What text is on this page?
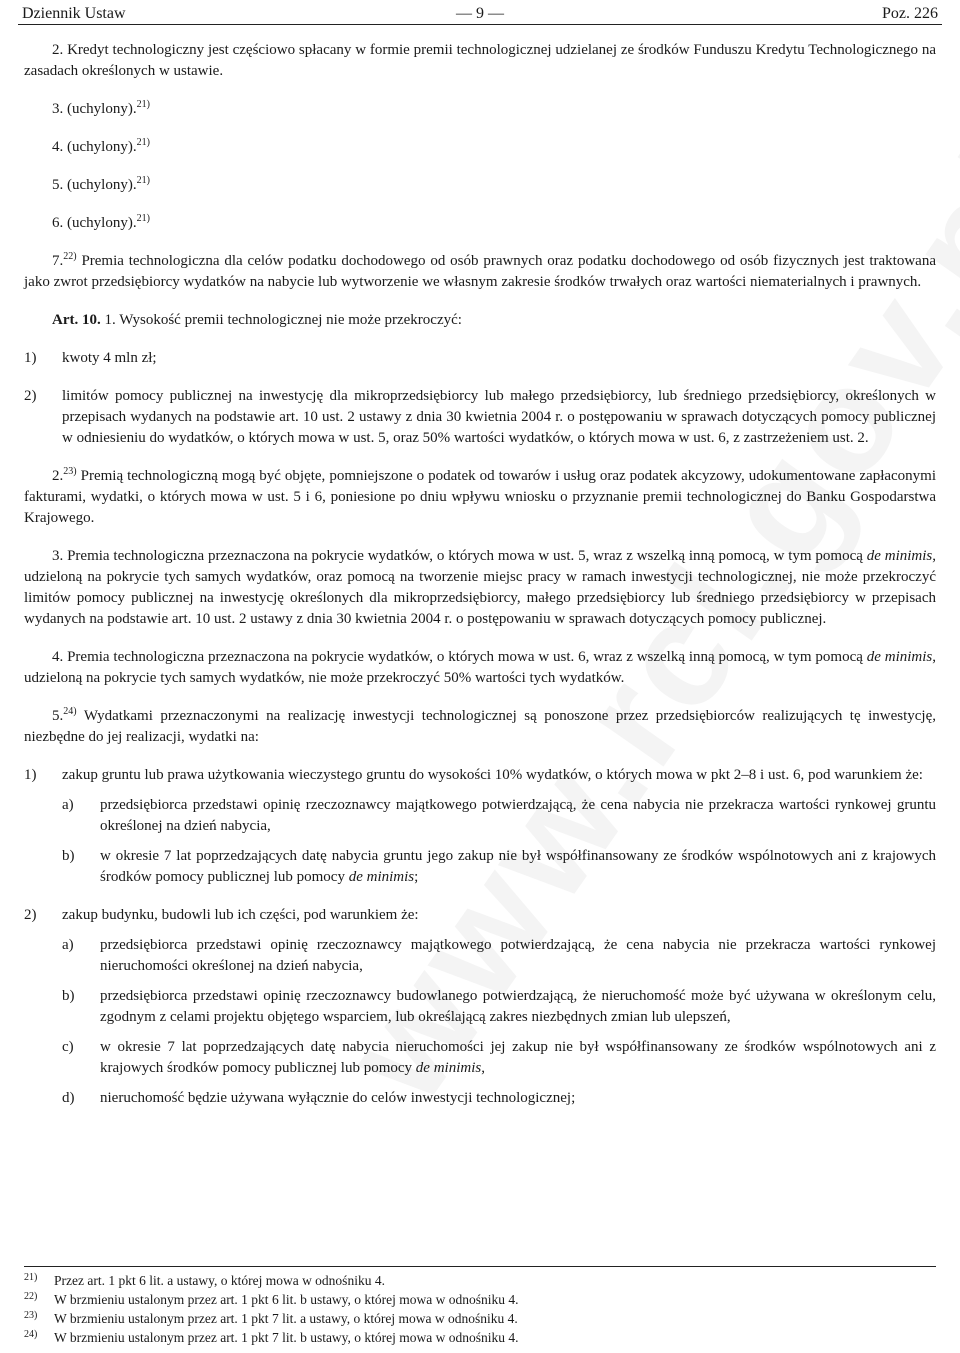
Dziennik Ustaw	— 9 —	Poz. 226

2. Kredyt technologiczny jest częściowo spłacany w formie premii technologicznej udzielanej ze środków Funduszu Kredytu Technologicznego na zasadach określonych w ustawie.

3. (uchylony).$^{21)}$

4. (uchylony).$^{21)}$

5. (uchylony).$^{21)}$

6. (uchylony).$^{21)}$

7.$^{22)}$ Premia technologiczna dla celów podatku dochodowego od osób prawnych oraz podatku dochodowego od osób fizycznych jest traktowana jako zwrot przedsiębiorcy wydatków na nabycie lub wytworzenie we własnym zakresie środków trwałych oraz wartości niematerialnych i prawnych.

Art. 10. 1. Wysokość premii technologicznej nie może przekroczyć:

1) kwoty 4 mln zł;
2) limitów pomocy publicznej na inwestycję dla mikroprzedsiębiorcy lub małego przedsiębiorcy, lub średniego przedsiębiorcy, określonych w przepisach wydanych na podstawie art. 10 ust. 2 ustawy z dnia 30 kwietnia 2004 r. o postępowaniu w sprawach dotyczących pomocy publicznej w odniesieniu do wydatków, o których mowa w ust. 5, oraz 50% wartości wydatków, o których mowa w ust. 6, z zastrzeżeniem ust. 2.

2.$^{23)}$ Premią technologiczną mogą być objęte, pomniejszone o podatek od towarów i usług oraz podatek akcyzowy, udokumentowane zapłaconymi fakturami, wydatki, o których mowa w ust. 5 i 6, poniesione po dniu wpływu wniosku o przyznanie premii technologicznej do Banku Gospodarstwa Krajowego.

3. Premia technologiczna przeznaczona na pokrycie wydatków, o których mowa w ust. 5, wraz z wszelką inną pomocą, w tym pomocą de minimis, udzieloną na pokrycie tych samych wydatków, oraz pomocą na tworzenie miejsc pracy w ramach inwestycji technologicznej, nie może przekroczyć limitów pomocy publicznej na inwestycję określonych dla mikroprzedsiębiorcy, małego przedsiębiorcy lub średniego przedsiębiorcy w przepisach wydanych na podstawie art. 10 ust. 2 ustawy z dnia 30 kwietnia 2004 r. o postępowaniu w sprawach dotyczących pomocy publicznej.

4. Premia technologiczna przeznaczona na pokrycie wydatków, o których mowa w ust. 6, wraz z wszelką inną pomocą, w tym pomocą de minimis, udzieloną na pokrycie tych samych wydatków, nie może przekroczyć 50% wartości tych wydatków.

5.$^{24)}$ Wydatkami przeznaczonymi na realizację inwestycji technologicznej są ponoszone przez przedsiębiorców realizujących tę inwestycję, niezbędne do jej realizacji, wydatki na:

1) zakup gruntu lub prawa użytkowania wieczystego gruntu do wysokości 10% wydatków, o których mowa w pkt 2–8 i ust. 6, pod warunkiem że:
a) przedsiębiorca przedstawi opinię rzeczoznawcy majątkowego potwierdzającą, że cena nabycia nie przekracza wartości rynkowej gruntu określonej na dzień nabycia,
b) w okresie 7 lat poprzedzających datę nabycia gruntu jego zakup nie był współfinansowany ze środków wspólnotowych ani z krajowych środków pomocy publicznej lub pomocy de minimis;
2) zakup budynku, budowli lub ich części, pod warunkiem że:
a) przedsiębiorca przedstawi opinię rzeczoznawcy majątkowego potwierdzającą, że cena nabycia nie przekracza wartości rynkowej nieruchomości określonej na dzień nabycia,
b) przedsiębiorca przedstawi opinię rzeczoznawcy budowlanego potwierdzającą, że nieruchomość może być używana w określonym celu, zgodnym z celami projektu objętego wsparciem, lub określającą zakres niezbędnych zmian lub ulepszeń,
c) w okresie 7 lat poprzedzających datę nabycia nieruchomości jej zakup nie był współfinansowany ze środków wspólnotowych ani z krajowych środków pomocy publicznej lub pomocy de minimis,
d) nieruchomość będzie używana wyłącznie do celów inwestycji technologicznej;
21) Przez art. 1 pkt 6 lit. a ustawy, o której mowa w odnośniku 4.
22) W brzmieniu ustalonym przez art. 1 pkt 6 lit. b ustawy, o której mowa w odnośniku 4.
23) W brzmieniu ustalonym przez art. 1 pkt 7 lit. a ustawy, o której mowa w odnośniku 4.
24) W brzmieniu ustalonym przez art. 1 pkt 7 lit. b ustawy, o której mowa w odnośniku 4.
